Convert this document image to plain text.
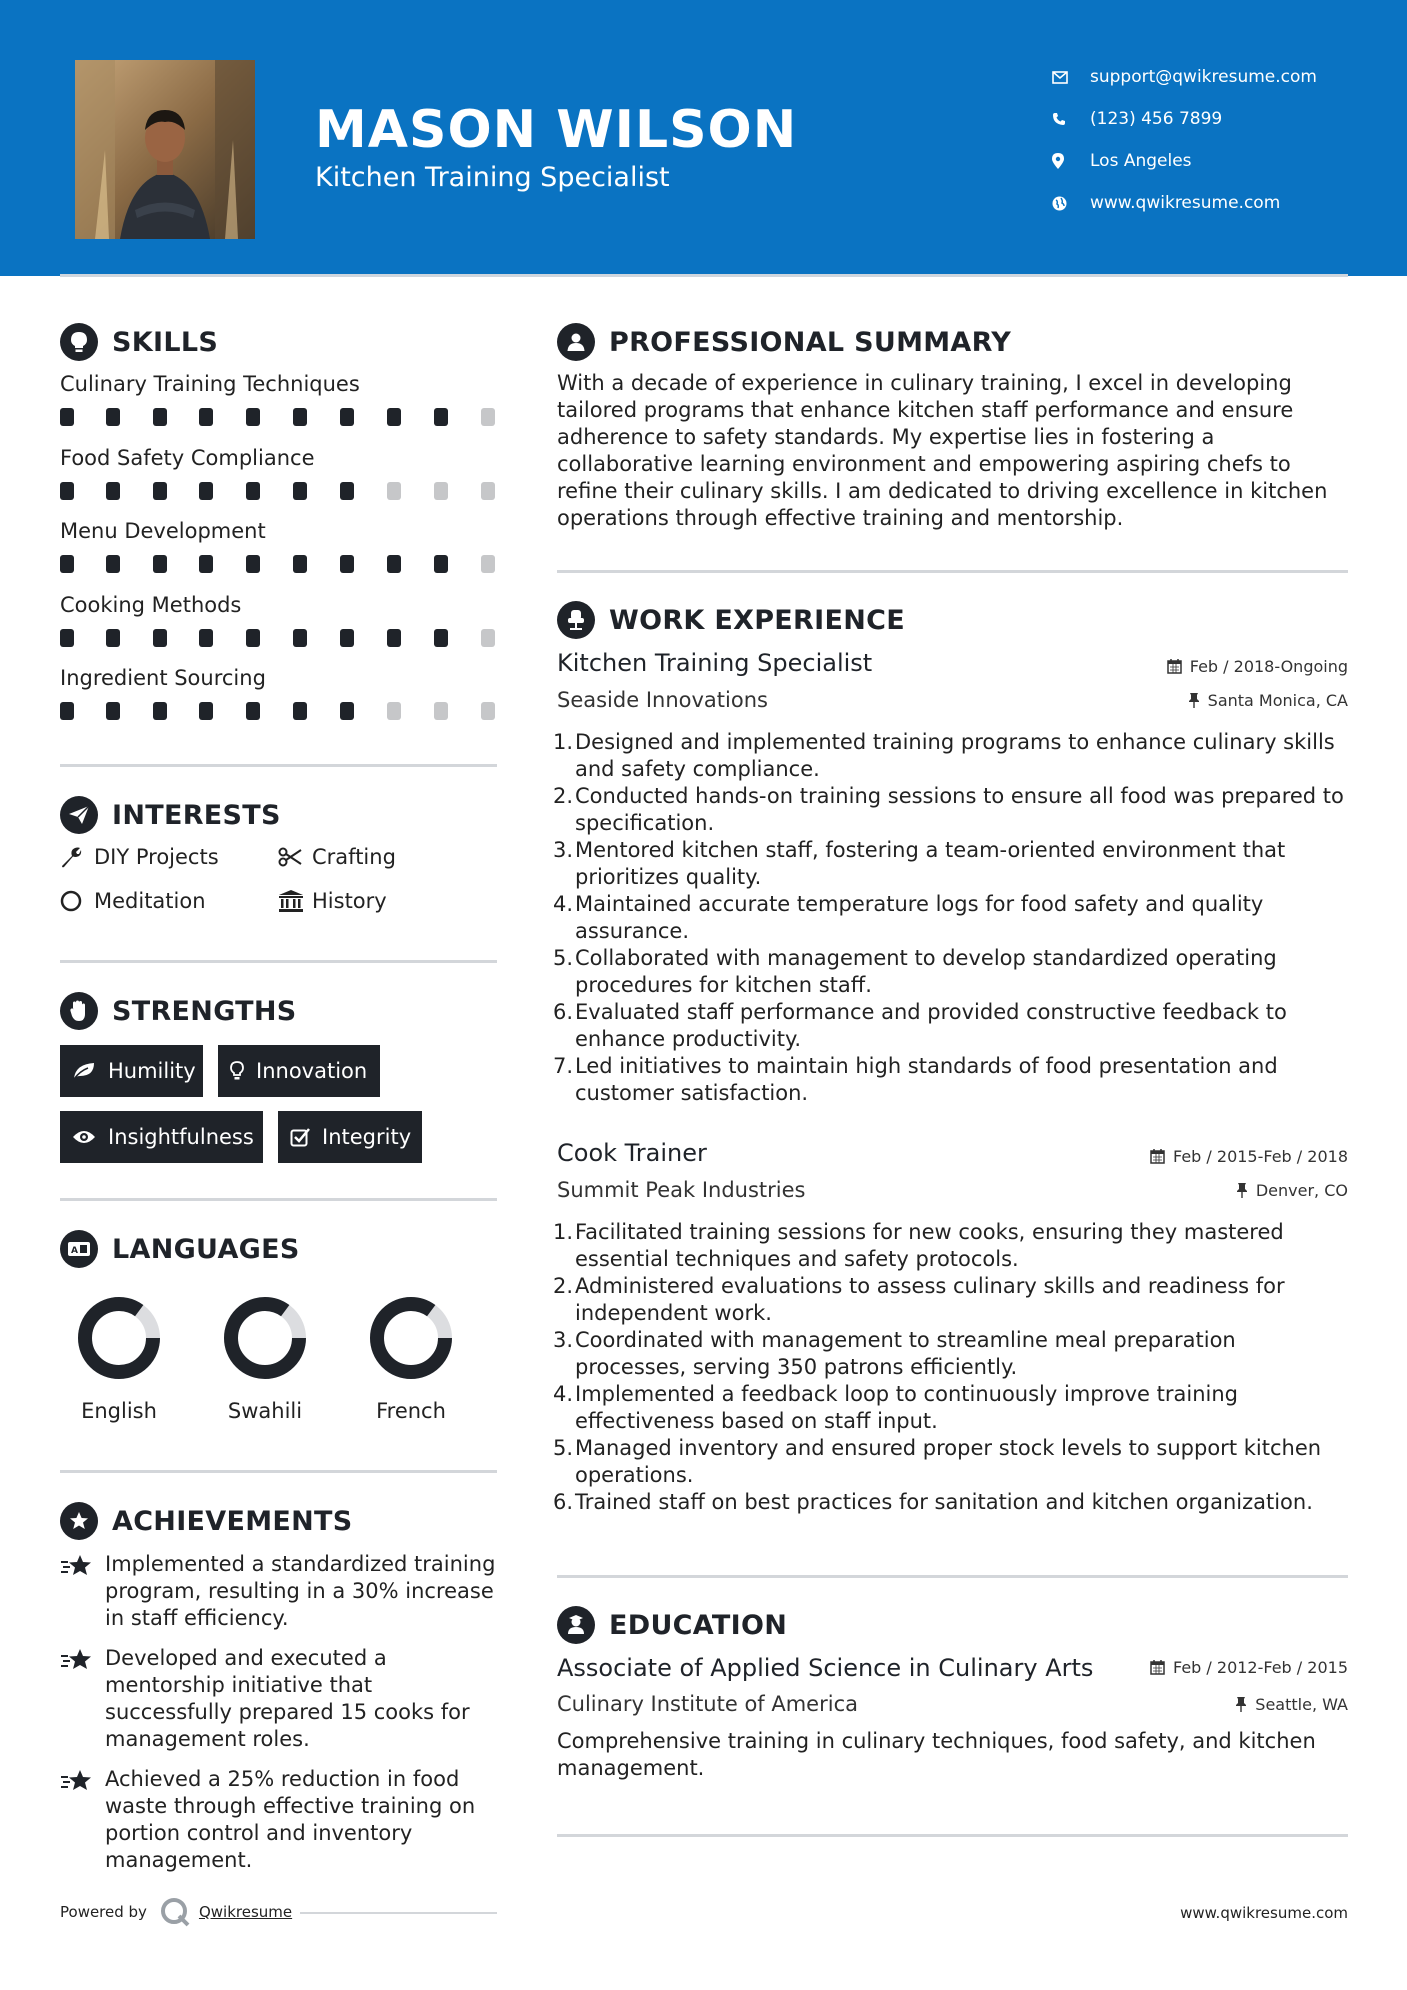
MASON WILSON
Kitchen Training Specialist
support@qwikresume.com
(123) 456 7899
Los Angeles
www.qwikresume.com
SKILLS
Culinary Training Techniques
Food Safety Compliance
Menu Development
Cooking Methods
Ingredient Sourcing
INTERESTS
DIY Projects	Crafting
Meditation	History
STRENGTHS
Humility	Innovation
Insightfulness	Integrity
A LANGUAGES
English	Swahili	French
ACHIEVEMENTS
Implemented a standardized training program, resulting in a 30% increase in staff efficiency.
Developed and executed a mentorship initiative that successfully prepared 15 cooks for management roles.
Achieved a 25% reduction in food waste through effective training on portion control and inventory management.
PROFESSIONAL SUMMARY
With a decade of experience in culinary training, I excel in developing tailored programs that enhance kitchen staff performance and ensure adherence to safety standards. My expertise lies in fostering a collaborative learning environment and empowering aspiring chefs to refine their culinary skills. I am dedicated to driving excellence in kitchen operations through effective training and mentorship.
WORK EXPERIENCE
Kitchen Training Specialist	Feb / 2018-Ongoing
Seaside Innovations	Santa Monica, CA
1. Designed and implemented training programs to enhance culinary skills and safety compliance.
2. Conducted hands-on training sessions to ensure all food was prepared to specification.
3. Mentored kitchen staff, fostering a team-oriented environment that prioritizes quality.
4. Maintained accurate temperature logs for food safety and quality assurance.
5. Collaborated with management to develop standardized operating procedures for kitchen staff.
6. Evaluated staff performance and provided constructive feedback to enhance productivity.
7. Led initiatives to maintain high standards of food presentation and customer satisfaction.
Cook Trainer	Feb / 2015-Feb / 2018
Summit Peak Industries	Denver, CO
1. Facilitated training sessions for new cooks, ensuring they mastered essential techniques and safety protocols.
2. Administered evaluations to assess culinary skills and readiness for independent work.
3. Coordinated with management to streamline meal preparation processes, serving 350 patrons efficiently.
4. Implemented a feedback loop to continuously improve training effectiveness based on staff input.
5. Managed inventory and ensured proper stock levels to support kitchen operations.
6. Trained staff on best practices for sanitation and kitchen organization.
EDUCATION
Associate of Applied Science in Culinary Arts	Feb / 2012-Feb / 2015
Culinary Institute of America	Seattle, WA
Comprehensive training in culinary techniques, food safety, and kitchen management.
Powered by	Qwikresume	www.qwikresume.com
